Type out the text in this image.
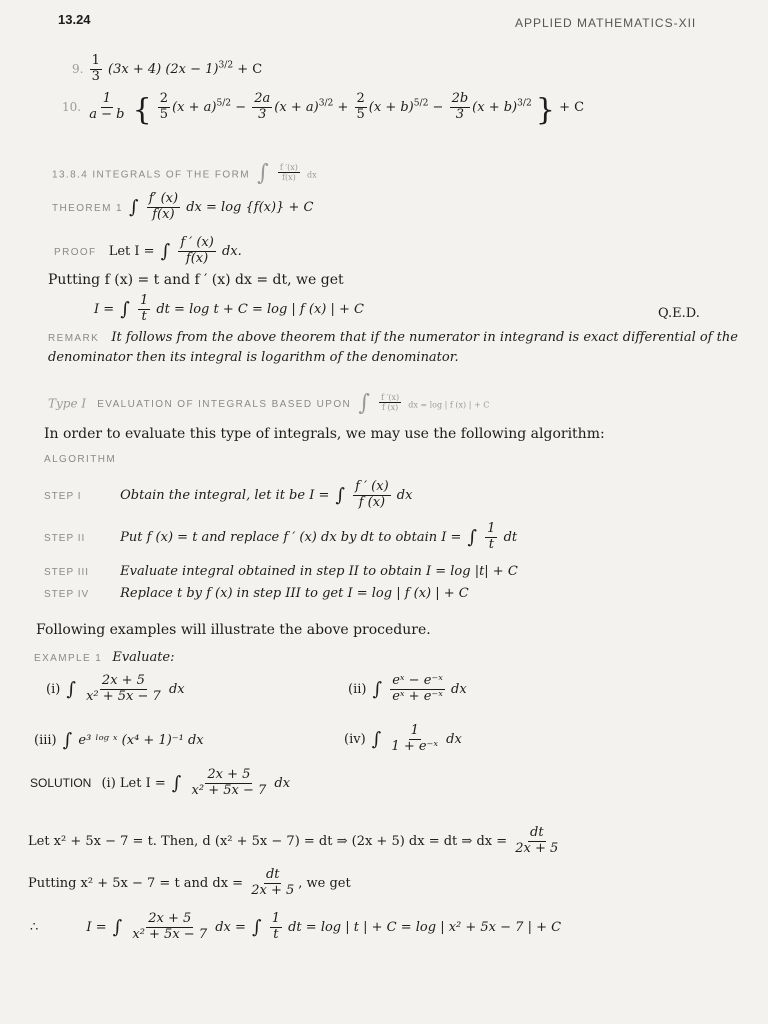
13.24	APPLIED MATHEMATICS-XII
9. $\frac{1}{3} (3x + 4) (2x - 1)^{3/2} + C$
10. $\frac{1}{a - b}$ { $\frac{2}{5} (x + a)^{5/2} - \frac{2a}{3} (x + a)^{3/2} + \frac{2}{5} (x + b)^{5/2} - \frac{2b}{3} (x + b)^{3/2}$ } + C
13.8.4 INTEGRALS OF THE FORM ∫ $\frac{f '(x)}{f(x)}$ dx
THEOREM 1 ∫ $\frac{f' (x)}{f(x)}$ dx = log {f(x)} + C
PROOF Let I = ∫ $\frac{f ' (x)}{f(x)}$ dx.
Putting f (x) = t and f ′ (x) dx = dt, we get
I = ∫ $\frac{1}{t}$ dt = log t + C = log | f (x) | + C	Q.E.D.
REMARK It follows from the above theorem that if the numerator in integrand is exact differential of the
denominator then its integral is logarithm of the denominator.
Type I EVALUATION OF INTEGRALS BASED UPON ∫ $\frac{f '(x)}{f (x)}$ dx = log | f (x) | + C
In order to evaluate this type of integrals, we may use the following algorithm:
ALGORITHM
STEP I	Obtain the integral, let it be I = ∫ $\frac{f ' (x)}{f (x)}$ dx
STEP II	Put f (x) = t and replace f ′ (x) dx by dt to obtain I = ∫ $\frac{1}{t}$ dt
STEP III Evaluate integral obtained in step II to obtain I = log |t| + C
STEP IV Replace t by f (x) in step III to get I = log | f (x) | + C
Following examples will illustrate the above procedure.
EXAMPLE 1 Evaluate:
(i) ∫ $\frac{2x + 5}{\text{x² + 5x − 7}}$ dx	(ii) ∫ $\frac{\text{eˣ − e⁻ˣ}}{\text{eˣ + e⁻ˣ}}$ dx
(iii) ∫ e³ ˡᵒᵍ ˣ (x⁴ + 1)⁻¹ dx	(iv) ∫ $\frac{1}{\text{1 + e⁻ˣ}}$ dx
SOLUTION (i) Let I = ∫ $\frac{2x + 5}{\text{x² + 5x − 7}}$ dx
Let x² + 5x − 7 = t. Then, d (x² + 5x − 7) = dt ⇒ (2x + 5) dx = dt ⇒ dx = $\frac{dt}{2x + 5}$
Putting x² + 5x − 7 = t and dx = $\frac{dt}{2x + 5}$ , we get
∴	I = ∫ $\frac{2x + 5}{\text{x² + 5x − 7}}$ dx = ∫ $\frac{1}{t}$ dt = log | t | + C = log | x² + 5x − 7 | + C
